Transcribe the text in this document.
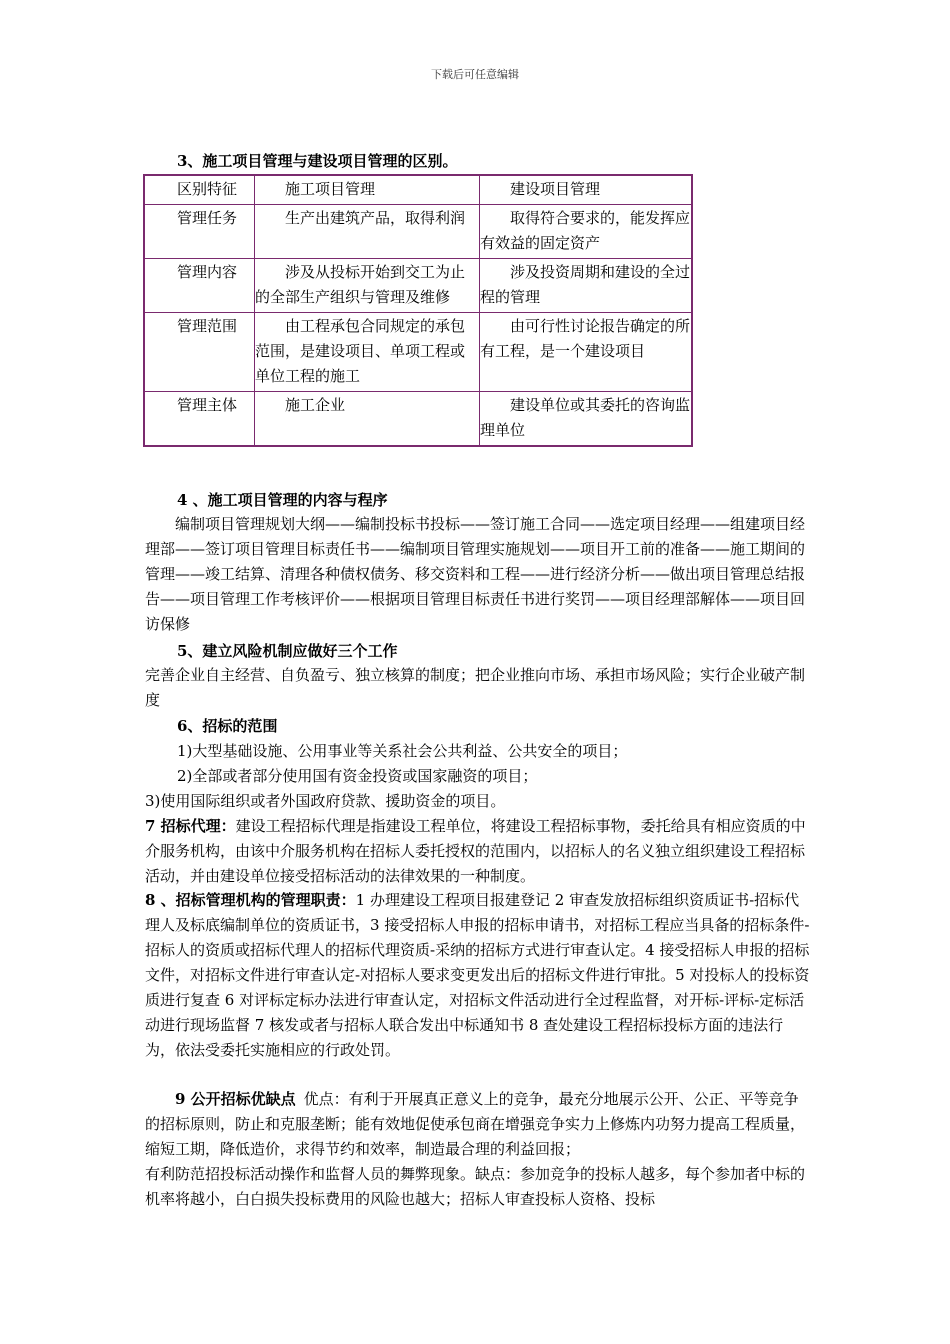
下载后可任意编辑
3、施工项目管理与建设项目管理的区别。
区别特征	施工项目管理	建设项目管理

管理任务	生产出建筑产品，取得利润	取得符合要求的，能发挥应有效益的固定资产

管理内容	涉及从投标开始到交工为止的全部生产组织与管理及维修	涉及投资周期和建设的全过程的管理

管理范围	由工程承包合同规定的承包范围，是建设项目、单项工程或单位工程的施工	由可行性讨论报告确定的所有工程，是一个建设项目

管理主体	施工企业	建设单位或其委托的咨询监理单位
4 、施工项目管理的内容与程序
编制项目管理规划大纲——编制投标书投标——签订施工合同——选定项目经理——组建项目经理部——签订项目管理目标责任书——编制项目管理实施规划——项目开工前的准备——施工期间的管理——竣工结算、清理各种债权债务、移交资料和工程——进行经济分析——做出项目管理总结报告——项目管理工作考核评价——根据项目管理目标责任书进行奖罚——项目经理部解体——项目回访保修
5、建立风险机制应做好三个工作
完善企业自主经营、自负盈亏、独立核算的制度；把企业推向市场、承担市场风险；实行企业破产制度
6、招标的范围
1)大型基础设施、公用事业等关系社会公共利益、公共安全的项目；
2)全部或者部分使用国有资金投资或国家融资的项目；
3)使用国际组织或者外国政府贷款、援助资金的项目。
7 招标代理：建设工程招标代理是指建设工程单位，将建设工程招标事物，委托给具有相应资质的中介服务机构，由该中介服务机构在招标人委托授权的范围内，以招标人的名义独立组织建设工程招标活动，并由建设单位接受招标活动的法律效果的一种制度。
8 、招标管理机构的管理职责：1 办理建设工程项目报建登记 2 审查发放招标组织资质证书-招标代理人及标底编制单位的资质证书，3 接受招标人申报的招标申请书，对招标工程应当具备的招标条件-招标人的资质或招标代理人的招标代理资质-采纳的招标方式进行审查认定。4 接受招标人申报的招标文件，对招标文件进行审查认定-对招标人要求变更发出后的招标文件进行审批。5 对投标人的投标资质进行复查 6 对评标定标办法进行审查认定，对招标文件活动进行全过程监督，对开标-评标-定标活动进行现场监督 7 核发或者与招标人联合发出中标通知书 8 查处建设工程招标投标方面的违法行为，依法受委托实施相应的行政处罚。
9 公开招标优缺点 优点：有利于开展真正意义上的竞争，最充分地展示公开、公正、平等竞争的招标原则，防止和克服垄断；能有效地促使承包商在增强竞争实力上修炼内功努力提高工程质量，缩短工期，降低造价，求得节约和效率，制造最合理的利益回报；
有利防范招投标活动操作和监督人员的舞弊现象。缺点：参加竞争的投标人越多，每个参加者中标的机率将越小，白白损失投标费用的风险也越大；招标人审查投标人资格、投标
